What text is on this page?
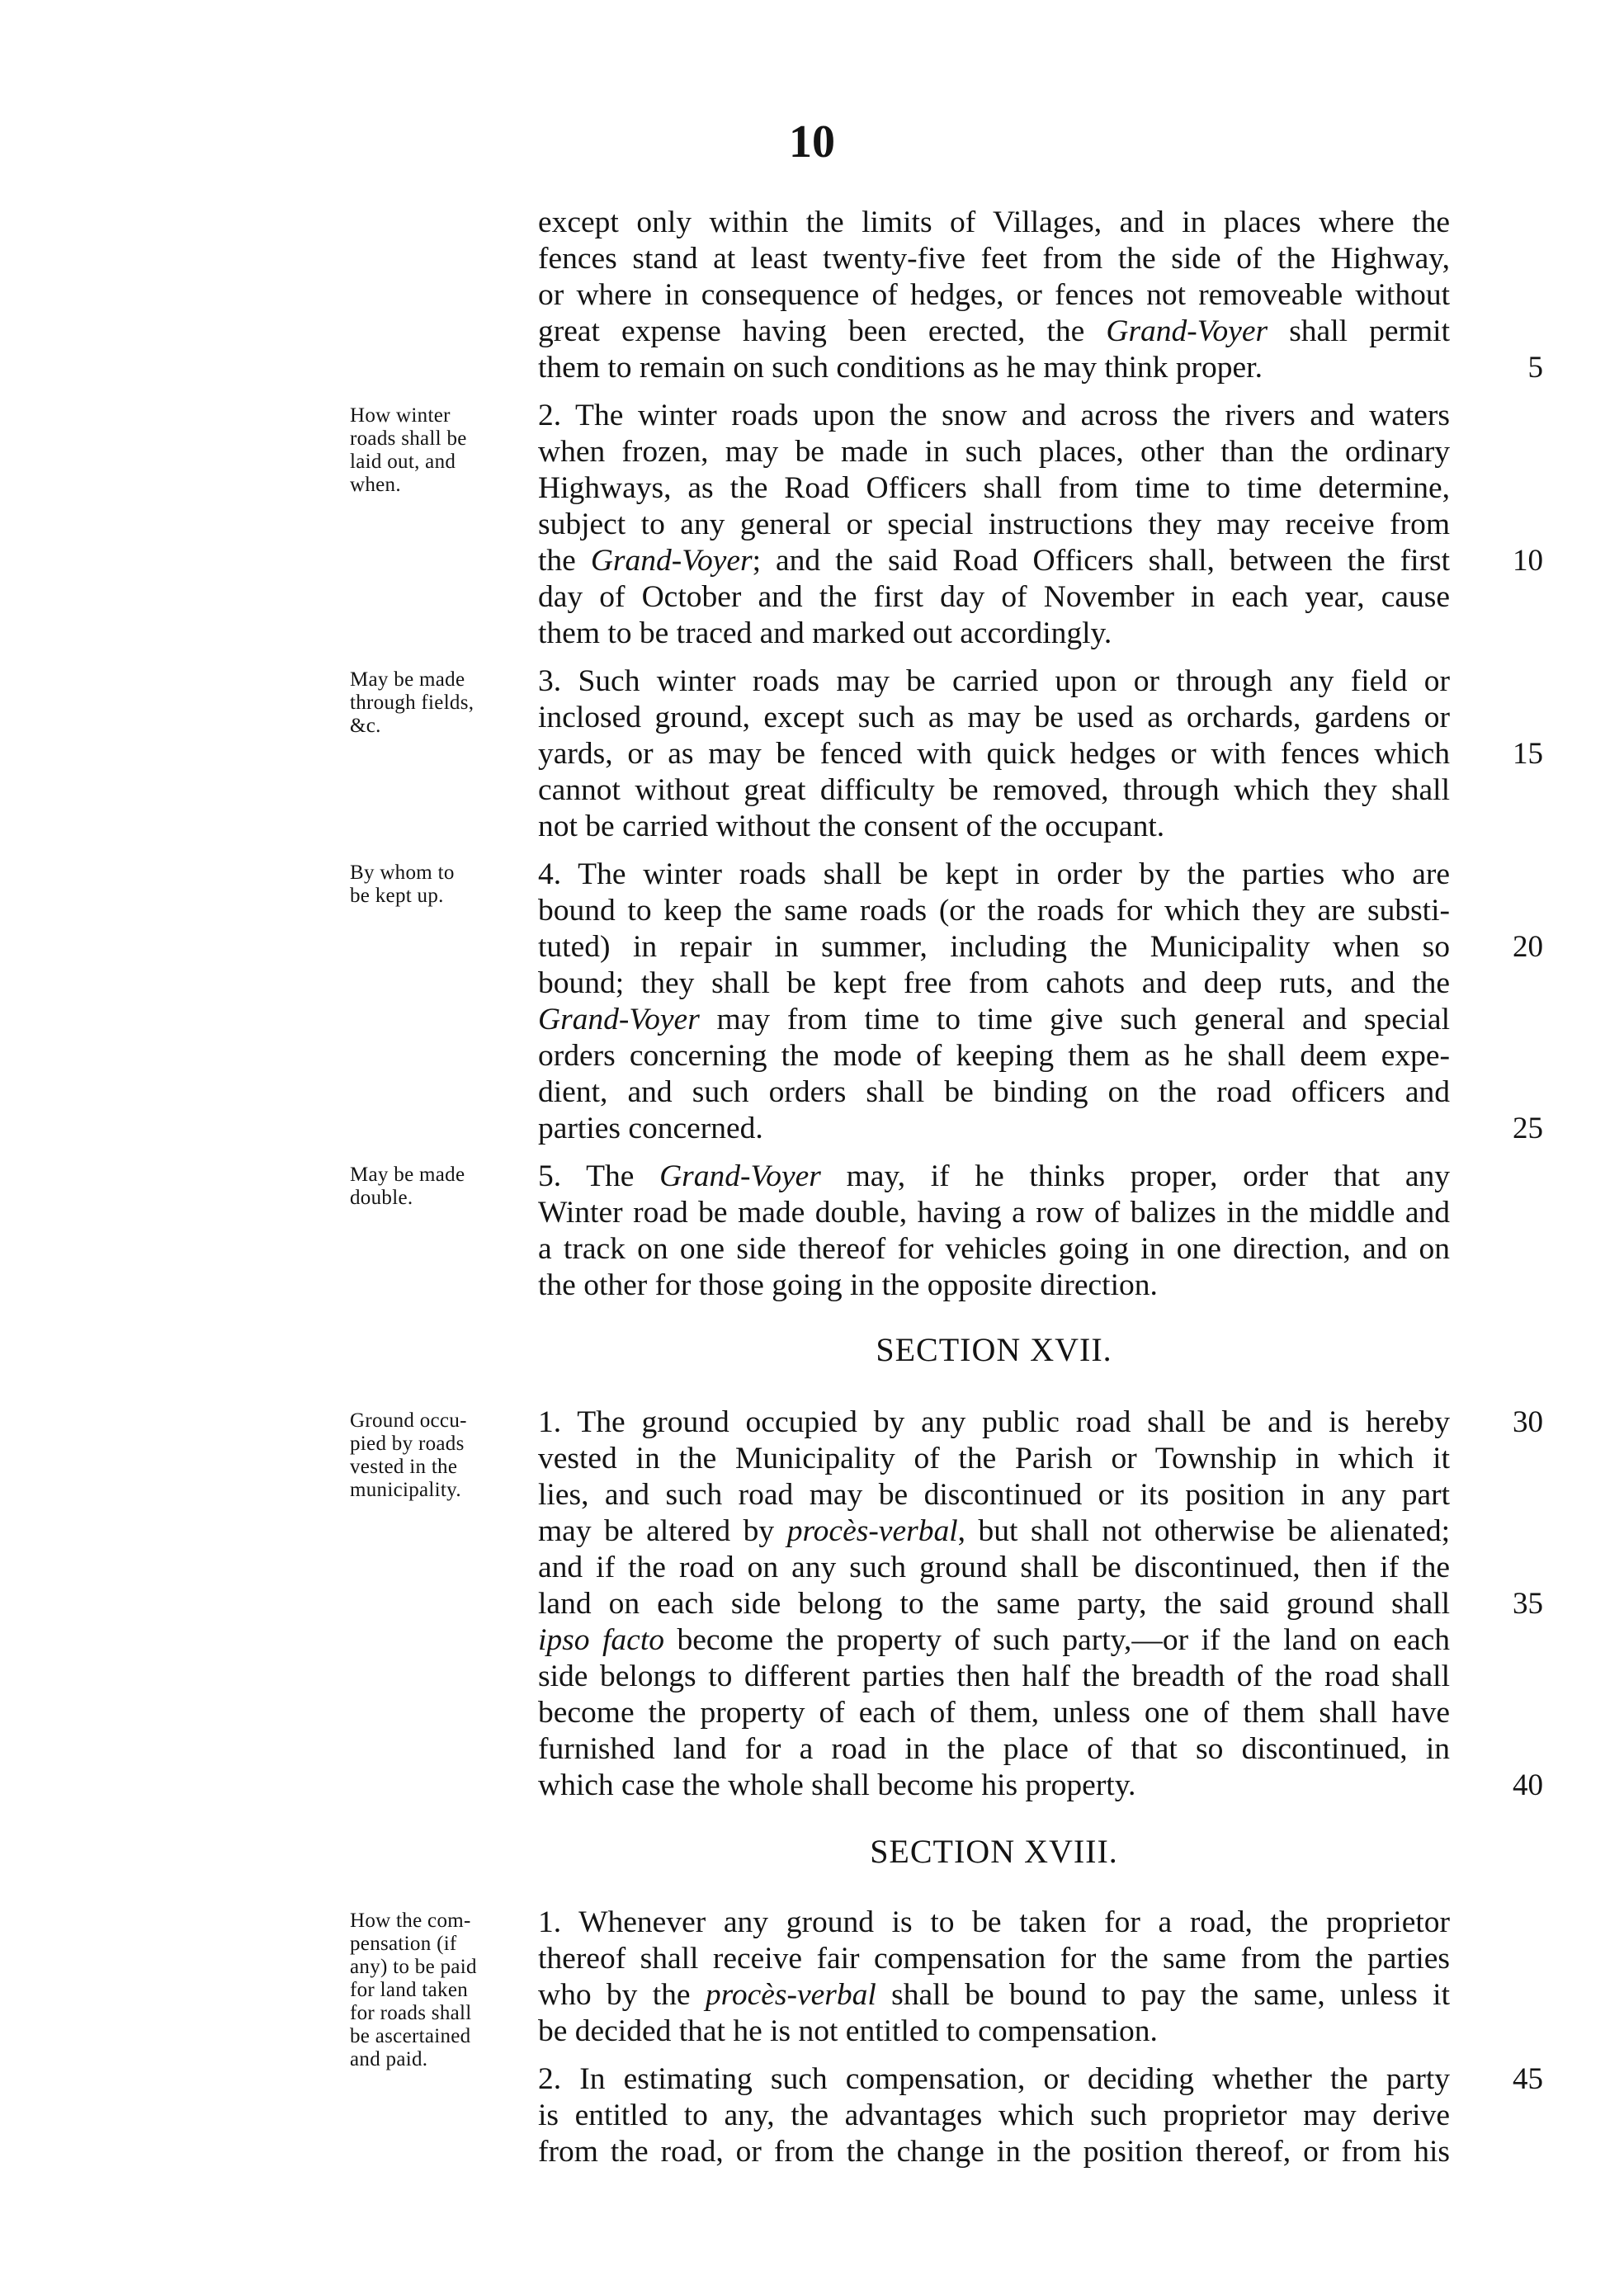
10
except only within the limits of Villages, and in places where the
fences stand at least twenty-five feet from the side of the Highway,
or where in consequence of hedges, or fences not removeable without
great expense having been erected, the Grand-Voyer shall permit
them to remain on such conditions as he may think proper.
2. The winter roads upon the snow and across the rivers and waters
when frozen, may be made in such places, other than the ordinary
Highways, as the Road Officers shall from time to time determine,
subject to any general or special instructions they may receive from
the Grand-Voyer; and the said Road Officers shall, between the first
day of October and the first day of November in each year, cause
them to be traced and marked out accordingly.
3. Such winter roads may be carried upon or through any field or
inclosed ground, except such as may be used as orchards, gardens or
yards, or as may be fenced with quick hedges or with fences which
cannot without great difficulty be removed, through which they shall
not be carried without the consent of the occupant.
4. The winter roads shall be kept in order by the parties who are
bound to keep the same roads (or the roads for which they are substi-
tuted) in repair in summer, including the Municipality when so
bound; they shall be kept free from cahots and deep ruts, and the
Grand-Voyer may from time to time give such general and special
orders concerning the mode of keeping them as he shall deem expe-
dient, and such orders shall be binding on the road officers and
parties concerned.
5. The Grand-Voyer may, if he thinks proper, order that any
Winter road be made double, having a row of balizes in the middle and
a track on one side thereof for vehicles going in one direction, and on
the other for those going in the opposite direction.
1. The ground occupied by any public road shall be and is hereby
vested in the Municipality of the Parish or Township in which it
lies, and such road may be discontinued or its position in any part
may be altered by procès-verbal, but shall not otherwise be alienated;
and if the road on any such ground shall be discontinued, then if the
land on each side belong to the same party, the said ground shall
ipso facto become the property of such party,—or if the land on each
side belongs to different parties then half the breadth of the road shall
become the property of each of them, unless one of them shall have
furnished land for a road in the place of that so discontinued, in
which case the whole shall become his property.
1. Whenever any ground is to be taken for a road, the proprietor
thereof shall receive fair compensation for the same from the parties
who by the procès-verbal shall be bound to pay the same, unless it
be decided that he is not entitled to compensation.
2. In estimating such compensation, or deciding whether the party
is entitled to any, the advantages which such proprietor may derive
from the road, or from the change in the position thereof, or from his
SECTION XVII.
SECTION XVIII.
5
10
15
20
25
30
35
40
45
How winter
roads shall be
laid out, and
when.
May be made
through fields,
&c.
By whom to
be kept up.
May be made
double.
Ground occu-
pied by roads
vested in the
municipality.
How the com-
pensation (if
any) to be paid
for land taken
for roads shall
be ascertained
and paid.
